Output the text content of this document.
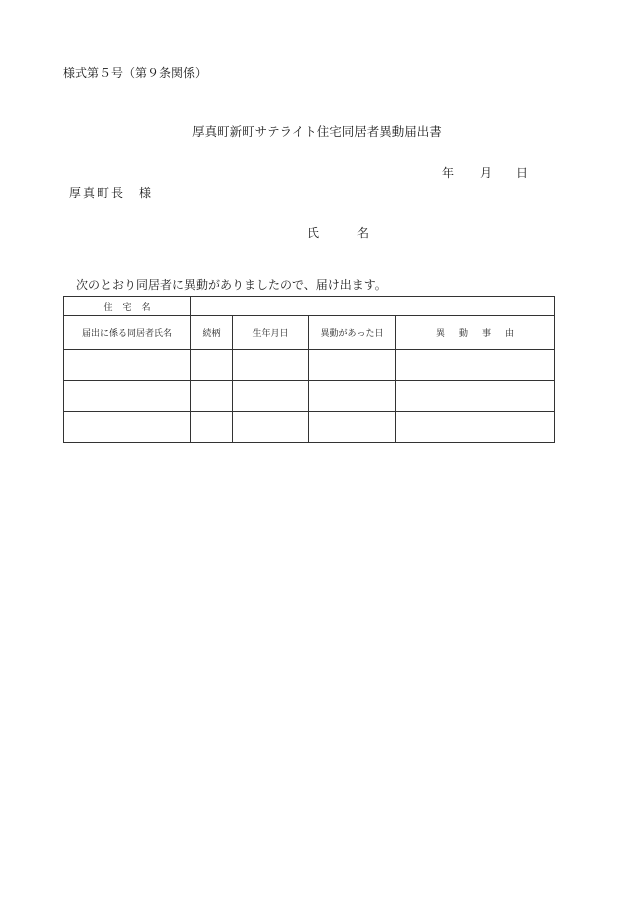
様式第５号（第９条関係）
厚真町新町サテライト住宅同居者異動届出書
年 月 日
厚真町長 様
氏	名
次のとおり同居者に異動がありましたので、届け出ます。
住宅名				
届出に係る同居者氏名	続柄	生年月日	異動があった日	異動事由
